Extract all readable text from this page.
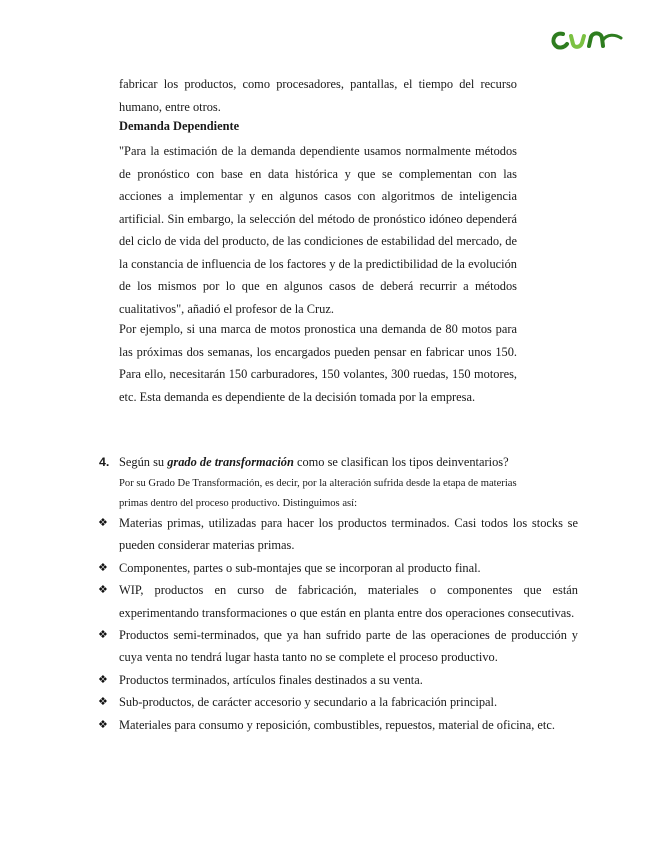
fabricar los productos, como procesadores, pantallas, el tiempo del recurso humano, entre otros.

Demanda Dependiente

"Para la estimación de la demanda dependiente usamos normalmente métodos de pronóstico con base en data histórica y que se complementan con las acciones a implementar y en algunos casos con algoritmos de inteligencia artificial. Sin embargo, la selección del método de pronóstico idóneo dependerá del ciclo de vida del producto, de las condiciones de estabilidad del mercado, de la constancia de influencia de los factores y de la predictibilidad de la evolución de los mismos por lo que en algunos casos de deberá recurrir a métodos cualitativos", añadió el profesor de la Cruz.

Por ejemplo, si una marca de motos pronostica una demanda de 80 motos para las próximas dos semanas, los encargados pueden pensar en fabricar unos 150. Para ello, necesitarán 150 carburadores, 150 volantes, 300 ruedas, 150 motores, etc. Esta demanda es dependiente de la decisión tomada por la empresa.

4. Según su grado de transformación como se clasifican los tipos deinventarios?

Por su Grado De Transformación, es decir, por la alteración sufrida desde la etapa de materias primas dentro del proceso productivo. Distinguimos así:

❖ Materias primas, utilizadas para hacer los productos terminados. Casi todos los stocks se pueden considerar materias primas.
❖ Componentes, partes o sub-montajes que se incorporan al producto final.
❖ WIP, productos en curso de fabricación, materiales o componentes que están experimentando transformaciones o que están en planta entre dos operaciones consecutivas.
❖ Productos semi-terminados, que ya han sufrido parte de las operaciones de producción y cuya venta no tendrá lugar hasta tanto no se complete el proceso productivo.
❖ Productos terminados, artículos finales destinados a su venta.
❖ Sub-productos, de carácter accesorio y secundario a la fabricación principal.
❖ Materiales para consumo y reposición, combustibles, repuestos, material de oficina, etc.
